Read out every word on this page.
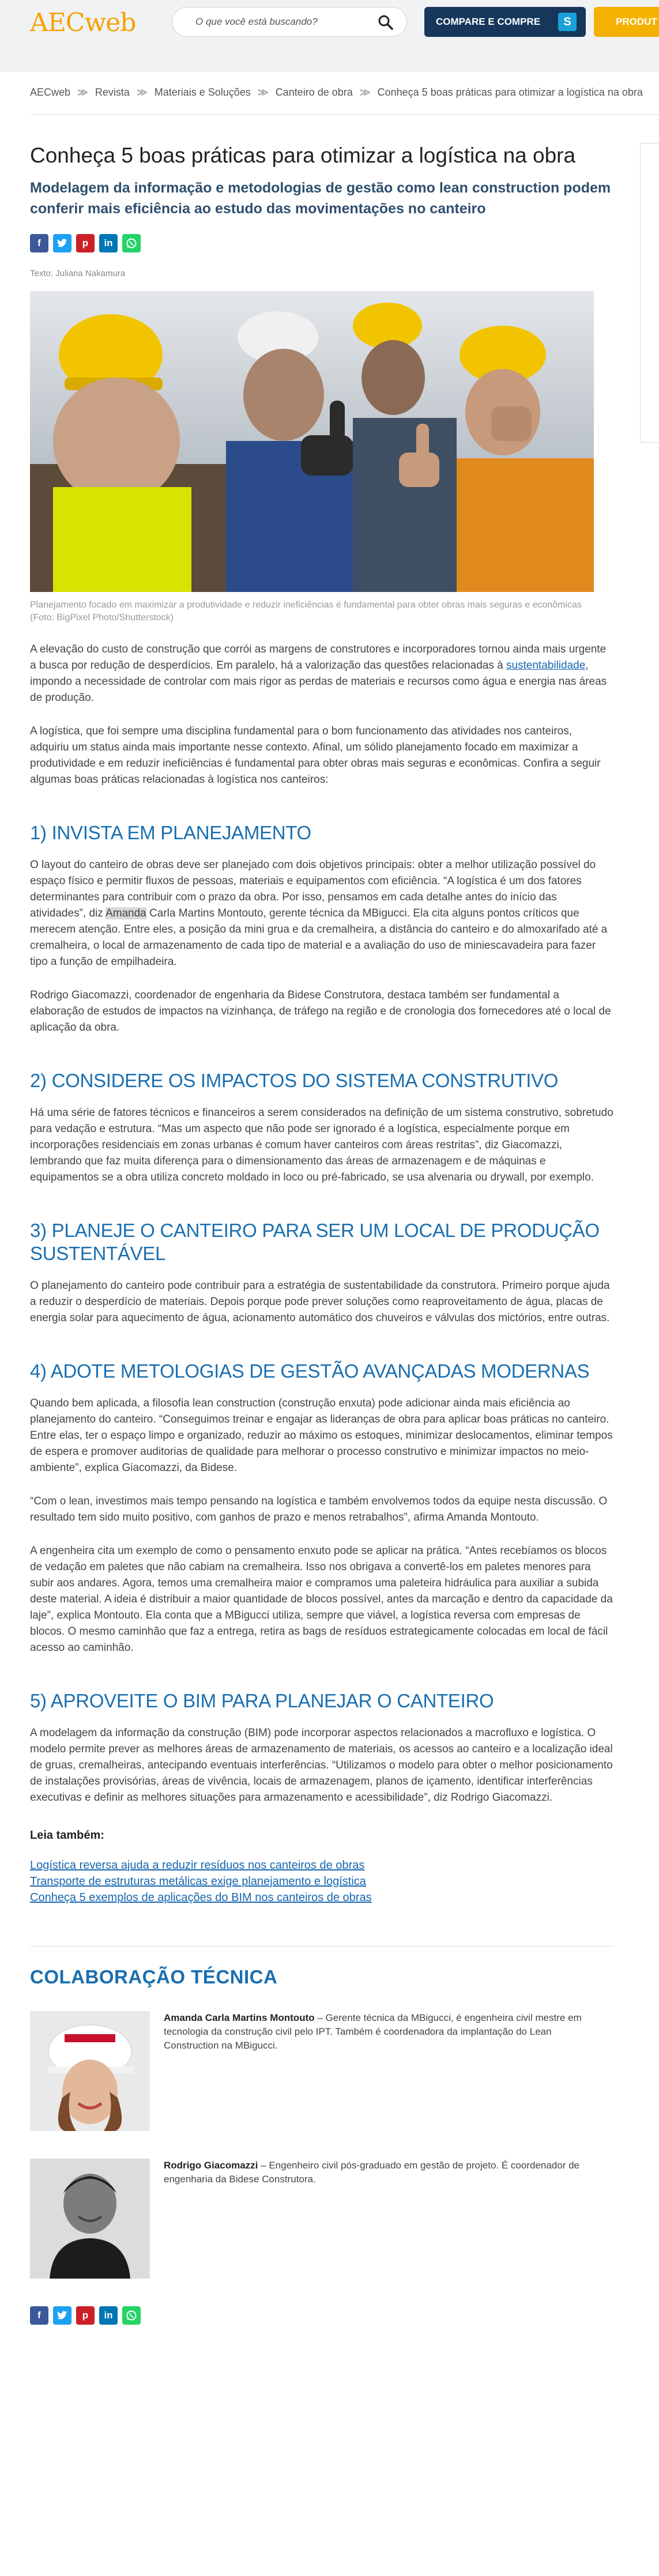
AECweb
O que você está buscando?	COMPARE E COMPRE	S	PRODUT
AECweb ≫ Revista ≫ Materiais e Soluções ≫ Canteiro de obra ≫ Conheça 5 boas práticas para otimizar a logística na obra
Conheça 5 boas práticas para otimizar a logística na obra
Modelagem da informação e metodologias de gestão como lean construction podem conferir mais eficiência ao estudo das movimentações no canteiro
f	p	in

Texto: Juliana Nakamura

Planejamento focado em maximizar a produtividade e reduzir ineficiências é fundamental para obter obras mais seguras e econômicas (Foto: BigPixel Photo/Shutterstock)

A elevação do custo de construção que corrói as margens de construtores e incorporadores tornou ainda mais urgente a busca por redução de desperdícios. Em paralelo, há a valorização das questões relacionadas à sustentabilidade, impondo a necessidade de controlar com mais rigor as perdas de materiais e recursos como água e energia nas áreas de produção.

A logística, que foi sempre uma disciplina fundamental para o bom funcionamento das atividades nos canteiros, adquiriu um status ainda mais importante nesse contexto. Afinal, um sólido planejamento focado em maximizar a produtividade e em reduzir ineficiências é fundamental para obter obras mais seguras e econômicas. Confira a seguir algumas boas práticas relacionadas à logística nos canteiros:

1) INVISTA EM PLANEJAMENTO

O layout do canteiro de obras deve ser planejado com dois objetivos principais: obter a melhor utilização possível do espaço físico e permitir fluxos de pessoas, materiais e equipamentos com eficiência. “A logística é um dos fatores determinantes para contribuir com o prazo da obra. Por isso, pensamos em cada detalhe antes do início das atividades”, diz Amanda Carla Martins Montouto, gerente técnica da MBigucci. Ela cita alguns pontos críticos que merecem atenção. Entre eles, a posição da mini grua e da cremalheira, a distância do canteiro e do almoxarifado até a cremalheira, o local de armazenamento de cada tipo de material e a avaliação do uso de miniescavadeira para fazer tipo a função de empilhadeira.

Rodrigo Giacomazzi, coordenador de engenharia da Bidese Construtora, destaca também ser fundamental a elaboração de estudos de impactos na vizinhança, de tráfego na região e de cronologia dos fornecedores até o local de aplicação da obra.

2) CONSIDERE OS IMPACTOS DO SISTEMA CONSTRUTIVO

Há uma série de fatores técnicos e financeiros a serem considerados na definição de um sistema construtivo, sobretudo para vedação e estrutura. “Mas um aspecto que não pode ser ignorado é a logística, especialmente porque em incorporações residenciais em zonas urbanas é comum haver canteiros com áreas restritas”, diz Giacomazzi, lembrando que faz muita diferença para o dimensionamento das áreas de armazenagem e de máquinas e equipamentos se a obra utiliza concreto moldado in loco ou pré-fabricado, se usa alvenaria ou drywall, por exemplo.

3) PLANEJE O CANTEIRO PARA SER UM LOCAL DE PRODUÇÃO SUSTENTÁVEL

O planejamento do canteiro pode contribuir para a estratégia de sustentabilidade da construtora. Primeiro porque ajuda a reduzir o desperdício de materiais. Depois porque pode prever soluções como reaproveitamento de água, placas de energia solar para aquecimento de água, acionamento automático dos chuveiros e válvulas dos mictórios, entre outras.

4) ADOTE METOLOGIAS DE GESTÃO AVANÇADAS MODERNAS

Quando bem aplicada, a filosofia lean construction (construção enxuta) pode adicionar ainda mais eficiência ao planejamento do canteiro. “Conseguimos treinar e engajar as lideranças de obra para aplicar boas práticas no canteiro. Entre elas, ter o espaço limpo e organizado, reduzir ao máximo os estoques, minimizar deslocamentos, eliminar tempos de espera e promover auditorias de qualidade para melhorar o processo construtivo e minimizar impactos no meio-ambiente”, explica Giacomazzi, da Bidese.

“Com o lean, investimos mais tempo pensando na logística e também envolvemos todos da equipe nesta discussão. O resultado tem sido muito positivo, com ganhos de prazo e menos retrabalhos”, afirma Amanda Montouto.

A engenheira cita um exemplo de como o pensamento enxuto pode se aplicar na prática. “Antes recebíamos os blocos de vedação em paletes que não cabiam na cremalheira. Isso nos obrigava a convertê-los em paletes menores para subir aos andares. Agora, temos uma cremalheira maior e compramos uma paleteira hidráulica para auxiliar a subida deste material. A ideia é distribuir a maior quantidade de blocos possível, antes da marcação e dentro da capacidade da laje”, explica Montouto. Ela conta que a MBigucci utiliza, sempre que viável, a logística reversa com empresas de blocos. O mesmo caminhão que faz a entrega, retira as bags de resíduos estrategicamente colocadas em local de fácil acesso ao caminhão.

5) APROVEITE O BIM PARA PLANEJAR O CANTEIRO

A modelagem da informação da construção (BIM) pode incorporar aspectos relacionados a macrofluxo e logística. O modelo permite prever as melhores áreas de armazenamento de materiais, os acessos ao canteiro e a localização ideal de gruas, cremalheiras, antecipando eventuais interferências. “Utilizamos o modelo para obter o melhor posicionamento de instalações provisórias, áreas de vivência, locais de armazenagem, planos de içamento, identificar interferências executivas e definir as melhores situações para armazenamento e acessibilidade”, diz Rodrigo Giacomazzi.

Leia também:

Logística reversa ajuda a reduzir resíduos nos canteiros de obras
Transporte de estruturas metálicas exige planejamento e logística
Conheça 5 exemplos de aplicações do BIM nos canteiros de obras
COLABORAÇÃO TÉCNICA

Amanda Carla Martins Montouto – Gerente técnica da MBigucci, é engenheira civil mestre em tecnologia da construção civil pelo IPT. Também é coordenadora da implantação do Lean Construction na MBigucci.

Rodrigo Giacomazzi – Engenheiro civil pós-graduado em gestão de projeto. É coordenador de engenharia da Bidese Construtora.

f	p	in
